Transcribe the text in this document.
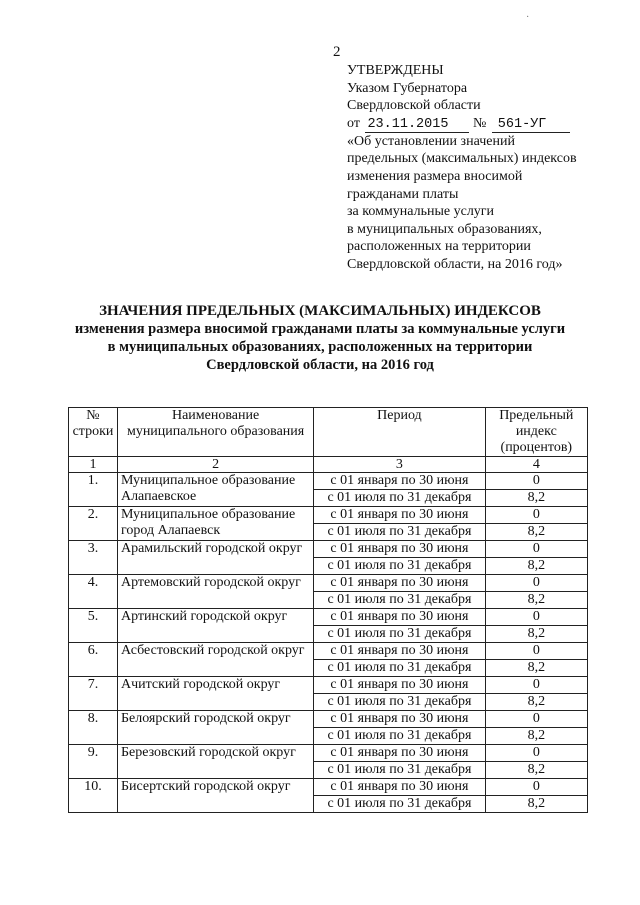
·
2
УТВЕРЖДЕНЫ
Указом Губернатора
Свердловской области
от 23.11.2015 № 561-УГ
«Об установлении значений
предельных (максимальных) индексов
изменения размера вносимой
гражданами платы
за коммунальные услуги
в муниципальных образованиях,
расположенных на территории
Свердловской области, на 2016 год»
ЗНАЧЕНИЯ ПРЕДЕЛЬНЫХ (МАКСИМАЛЬНЫХ) ИНДЕКСОВ
изменения размера вносимой гражданами платы за коммунальные услуги
в муниципальных образованиях, расположенных на территории
Свердловской области, на 2016 год
№ строки	Наименование муниципального образования	Период	Предельный индекс (процентов)
1	2	3	4
1.	Муниципальное образование Алапаевское	с 01 января по 30 июня	0
		с 01 июля по 31 декабря	8,2
2.	Муниципальное образование город Алапаевск	с 01 января по 30 июня	0
		с 01 июля по 31 декабря	8,2
3.	Арамильский городской округ	с 01 января по 30 июня	0
		с 01 июля по 31 декабря	8,2
4.	Артемовский городской округ	с 01 января по 30 июня	0
		с 01 июля по 31 декабря	8,2
5.	Артинский городской округ	с 01 января по 30 июня	0
		с 01 июля по 31 декабря	8,2
6.	Асбестовский городской округ	с 01 января по 30 июня	0
		с 01 июля по 31 декабря	8,2
7.	Ачитский городской округ	с 01 января по 30 июня	0
		с 01 июля по 31 декабря	8,2
8.	Белоярский городской округ	с 01 января по 30 июня	0
		с 01 июля по 31 декабря	8,2
9.	Березовский городской округ	с 01 января по 30 июня	0
		с 01 июля по 31 декабря	8,2
10.	Бисертский городской округ	с 01 января по 30 июня	0
		с 01 июля по 31 декабря	8,2
